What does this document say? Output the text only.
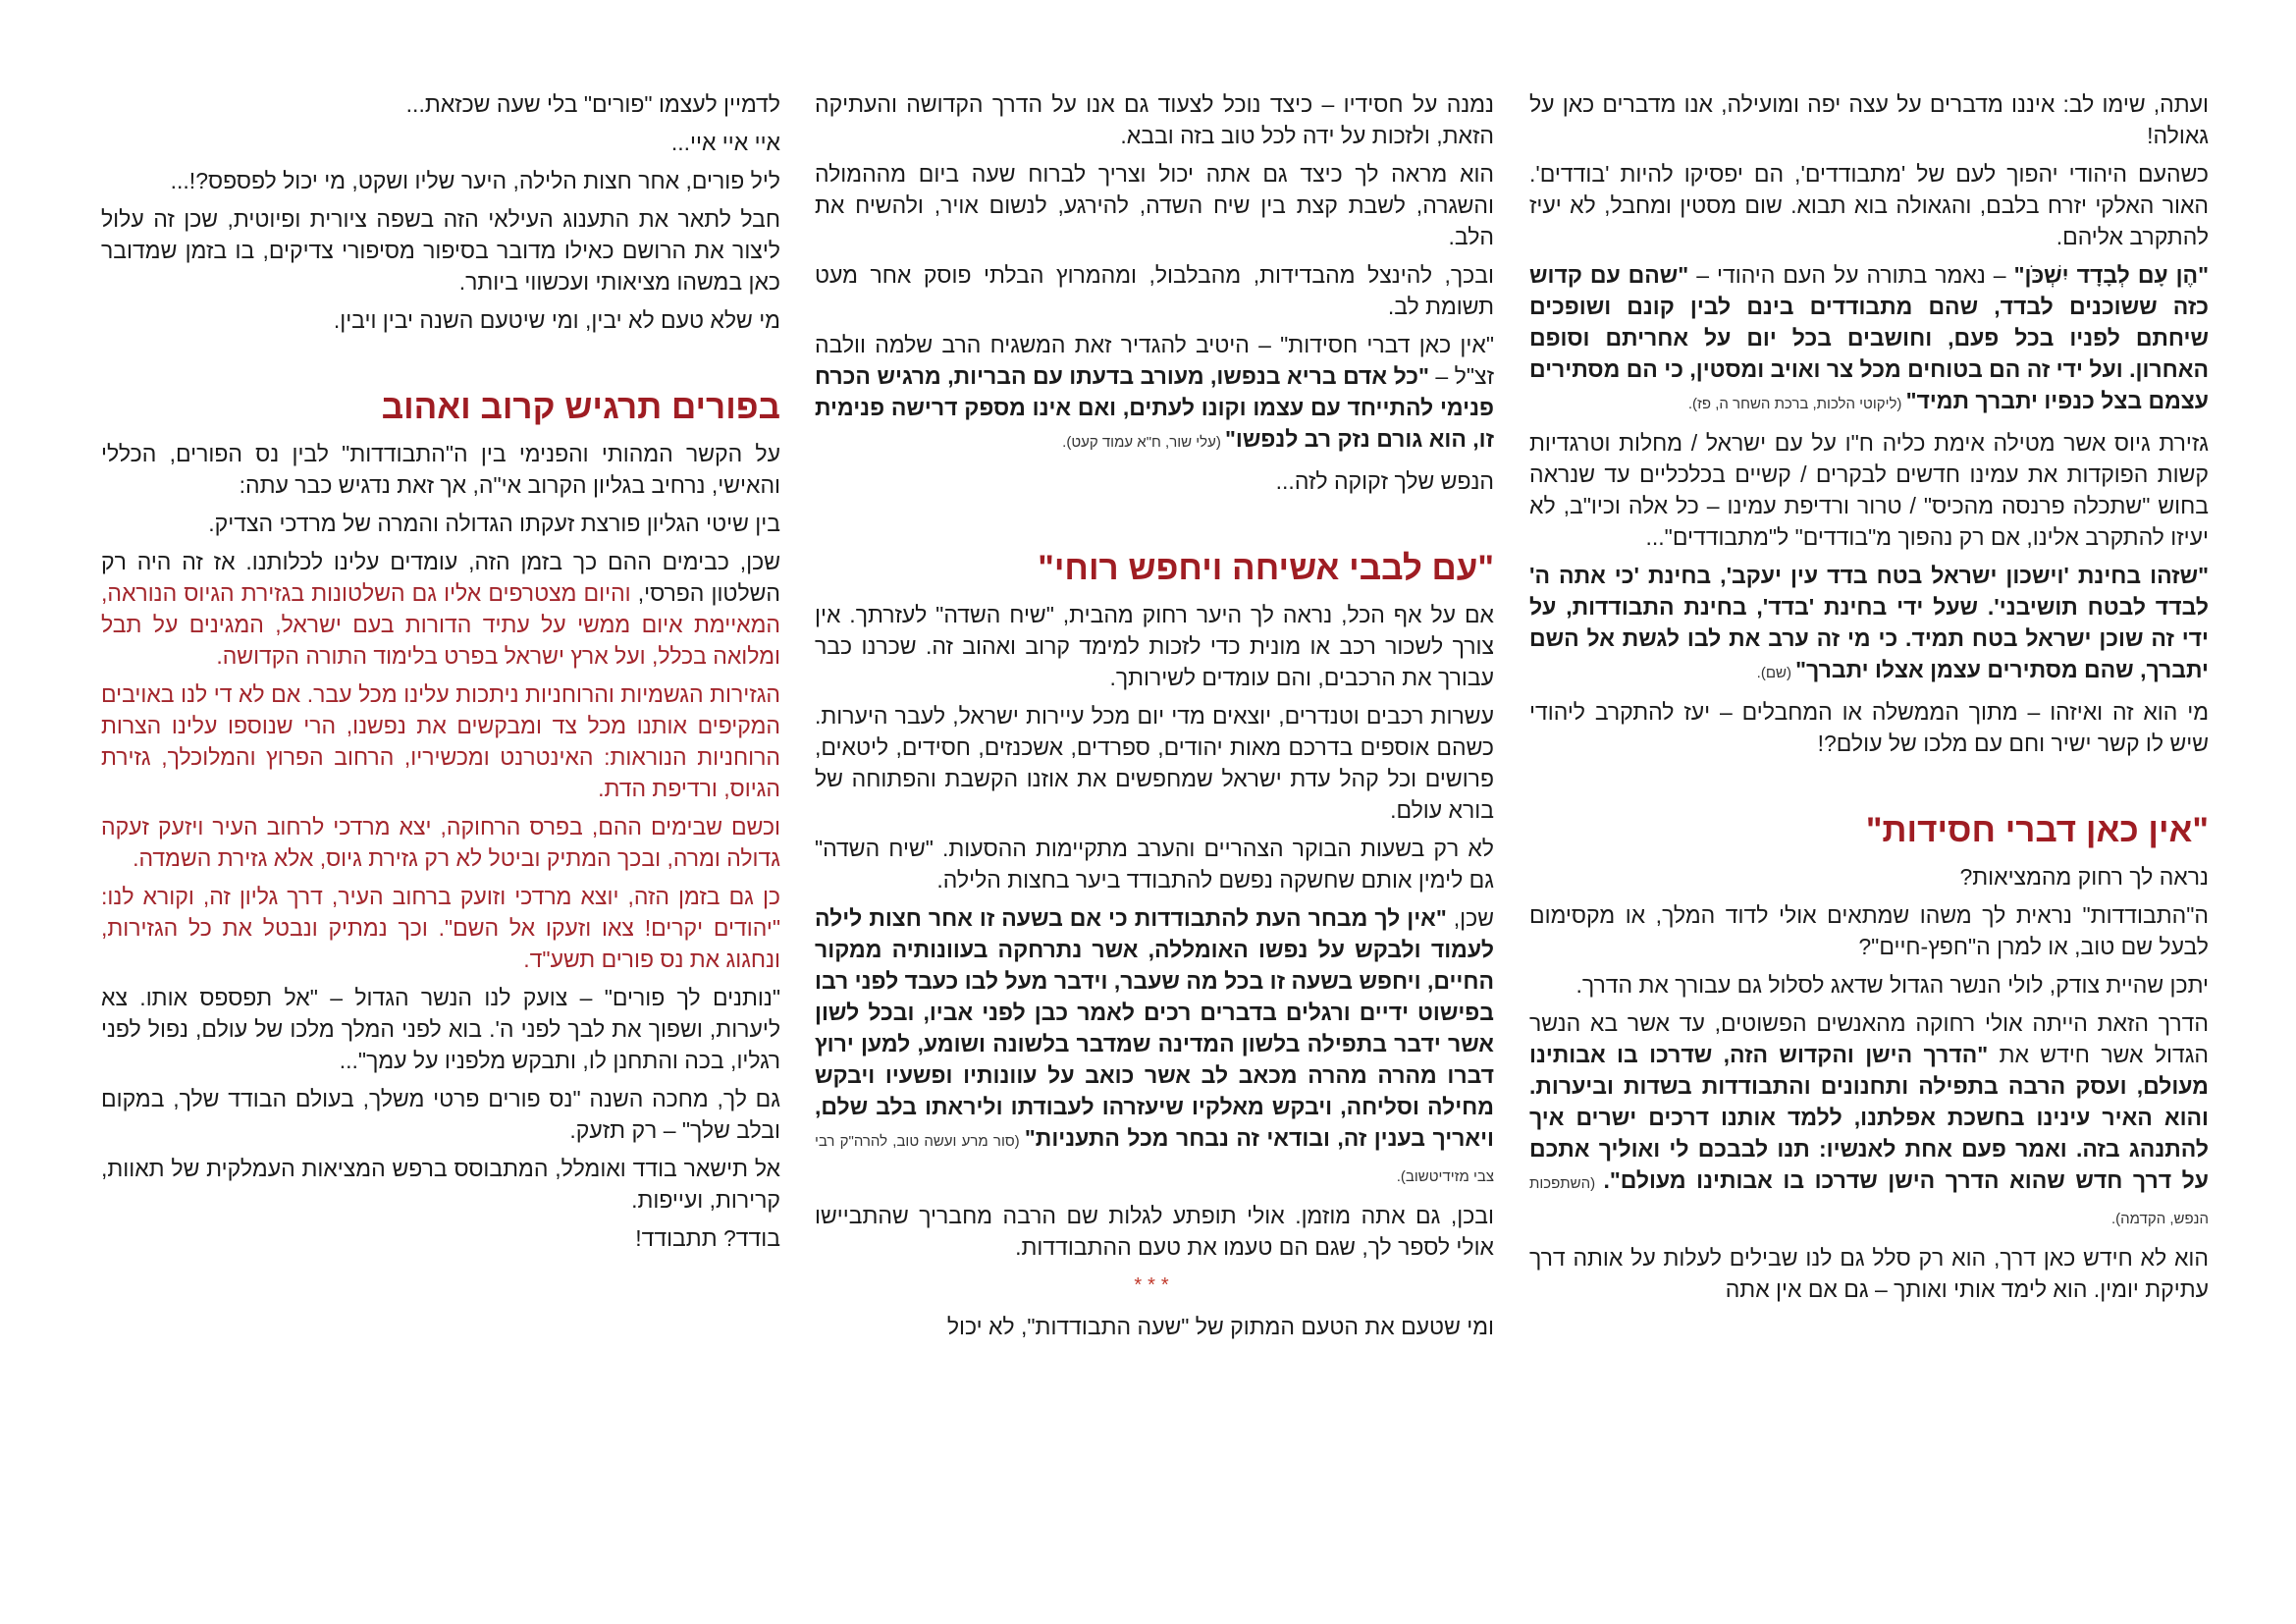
ועתה, שימו לב: איננו מדברים על עצה יפה ומועילה, אנו מדברים כאן על גאולה!

כשהעם היהודי יהפוך לעם של 'מתבודדים', הם יפסיקו להיות 'בודדים'. האור האלקי יזרח בלבם, והגאולה בוא תבוא. שום מסטין ומחבל, לא יעיז להתקרב אליהם.

"הֶן עָם לְבָדָד יִשְׁכֹּן" – נאמר בתורה על העם היהודי – "שהם עם קדוש כזה ששוכנים לבדד, שהם מתבודדים בינם לבין קונם ושופכים שיחתם לפניו בכל פעם, וחושבים בכל יום על אחריתם וסופם האחרון. ועל ידי זה הם בטוחים מכל צר ואויב ומסטין, כי הם מסתירים עצמם בצל כנפיו יתברך תמיד" (ליקוטי הלכות, ברכת השחר ה, פז).

גזירת גיוס אשר מטילה אימת כליה ח"ו על עם ישראל / מחלות וטרגדיות קשות הפוקדות את עמינו חדשים לבקרים / קשיים בכלכליים עד שנראה בחוש "שתכלה פרנסה מהכיס" / טרור ורדיפת עמינו – כל אלה וכיו"ב, לא יעיזו להתקרב אלינו, אם רק נהפוך מ"בודדים" ל"מתבודדים"...

"שזהו בחינת 'וישכון ישראל בטח בדד עין יעקב', בחינת 'כי אתה ה' לבדד לבטח תושיבני'. שעל ידי בחינת 'בדד', בחינת התבודדות, על ידי זה שוכן ישראל בטח תמיד. כי מי זה ערב את לבו לגשת אל השם יתברך, שהם מסתירים עצמן אצלו יתברך" (שם).

מי הוא זה ואיזהו – מתוך הממשלה או המחבלים – יעז להתקרב ליהודי שיש לו קשר ישיר וחם עם מלכו של עולם?!

"אין כאן דברי חסידות"

נראה לך רחוק מהמציאות?

ה"התבודדות" נראית לך משהו שמתאים אולי לדוד המלך, או מקסימום לבעל שם טוב, או למרן ה"חפץ-חיים"?

יתכן שהיית צודק, לולי הנשר הגדול שדאג לסלול גם עבורך את הדרך.

הדרך הזאת הייתה אולי רחוקה מהאנשים הפשוטים, עד אשר בא הנשר הגדול אשר חידש את "הדרך הישן והקדוש הזה, שדרכו בו אבותינו מעולם, ועסק הרבה בתפילה ותחנונים והתבודדות בשדות וביערות. והוא האיר עינינו בחשכת אפלתנו, ללמד אותנו דרכים ישרים איך להתנהג בזה. ואמר פעם אחת לאנשיו: תנו לבבכם לי ואוליך אתכם על דרך חדש שהוא הדרך הישן שדרכו בו אבותינו מעולם". (השתפכות הנפש, הקדמה).

הוא לא חידש כאן דרך, הוא רק סלל גם לנו שבילים לעלות על אותה דרך עתיקת יומין. הוא לימד אותי ואותך – גם אם אין אתה

נמנה על חסידיו – כיצד נוכל לצעוד גם אנו על הדרך הקדושה והעתיקה הזאת, ולזכות על ידה לכל טוב בזה ובבא.

הוא מראה לך כיצד גם אתה יכול וצריך לברוח שעה ביום מההמולה והשגרה, לשבת קצת בין שיח השדה, להירגע, לנשום אויר, ולהשיח את הלב.

ובכך, להינצל מהבדידות, מהבלבול, ומהמרוץ הבלתי פוסק אחר מעט תשומת לב.

"אין כאן דברי חסידות" – היטיב להגדיר זאת המשגיח הרב שלמה וולבה זצ"ל – "כל אדם בריא בנפשו, מעורב בדעתו עם הבריות, מרגיש הכרח פנימי להתייחד עם עצמו וקונו לעתים, ואם אינו מספק דרישה פנימית זו, הוא גורם נזק רב לנפשו" (עלי שור, ח"א עמוד קעט).

הנפש שלך זקוקה לזה...

"עם לבבי אשיחה ויחפש רוחי"

אם על אף הכל, נראה לך היער רחוק מהבית, "שיח השדה" לעזרתך. אין צורך לשכור רכב או מונית כדי לזכות למימד קרוב ואהוב זה. שכרנו כבר עבורך את הרכבים, והם עומדים לשירותך.

עשרות רכבים וטנדרים, יוצאים מדי יום מכל עיירות ישראל, לעבר היערות. כשהם אוספים בדרכם מאות יהודים, ספרדים, אשכנזים, חסידים, ליטאים, פרושים וכל קהל עדת ישראל שמחפשים את אוזנו הקשבת והפתוחה של בורא עולם.

לא רק בשעות הבוקר הצהריים והערב מתקיימות ההסעות. "שיח השדה" גם לימין אותם שחשקה נפשם להתבודד ביער בחצות הלילה.

שכן, "אין לך מבחר העת להתבודדות כי אם בשעה זו אחר חצות לילה לעמוד ולבקש על נפשו האומללה, אשר נתרחקה בעוונותיה ממקור החיים, ויחפש בשעה זו בכל מה שעבר, וידבר מעל לבו כעבד לפני רבו בפישוט ידיים ורגלים בדברים רכים לאמר כבן לפני אביו, ובכל לשון אשר ידבר בתפילה בלשון המדינה שמדבר בלשונה ושומע, למען ירוץ דברו מהרה מהרה מכאב לב אשר כואב על עוונותיו ופשעיו ויבקש מחילה וסליחה, ויבקש מאלקיו שיעזרהו לעבודתו וליראתו בלב שלם, ויאריך בענין זה, ובודאי זה נבחר מכל התעניות" (סור מרע ועשה טוב, להרה"ק רבי צבי מזידיטשוב).

ובכן, גם אתה מוזמן. אולי תופתע לגלות שם הרבה מחבריך שהתביישו אולי לספר לך, שגם הם טעמו את טעם ההתבודדות.

***

ומי שטעם את הטעם המתוק של "שעה התבודדות", לא יכול

לדמיין לעצמו "פורים" בלי שעה שכזאת...

איי איי איי...

ליל פורים, אחר חצות הלילה, היער שליו ושקט, מי יכול לפספס?!...

חבל לתאר את התענוג העילאי הזה בשפה ציורית ופיוטית, שכן זה עלול ליצור את הרושם כאילו מדובר בסיפור מסיפורי צדיקים, בו בזמן שמדובר כאן במשהו מציאותי ועכשווי ביותר.

מי שלא טעם לא יבין, ומי שיטעם השנה יבין ויבין.

בפורים תרגיש קרוב ואהוב

על הקשר המהותי והפנימי בין ה"התבודדות" לבין נס הפורים, הכללי והאישי, נרחיב בגליון הקרוב אי"ה, אך זאת נדגיש כבר עתה:

בין שיטי הגליון פורצת זעקתו הגדולה והמרה של מרדכי הצדיק.

שכן, כבימים ההם כך בזמן הזה, עומדים עלינו לכלותנו. אז זה היה רק השלטון הפרסי, והיום מצטרפים אליו גם השלטונות בגזירת הגיוס הנוראה, המאיימת איום ממשי על עתיד הדורות בעם ישראל, המגינים על תבל ומלואה בכלל, ועל ארץ ישראל בפרט בלימוד התורה הקדושה.

הגזירות הגשמיות והרוחניות ניתכות עלינו מכל עבר. אם לא די לנו באויבים המקיפים אותנו מכל צד ומבקשים את נפשנו, הרי שנוספו עלינו הצרות הרוחניות הנוראות: האינטרנט ומכשיריו, הרחוב הפרוץ והמלוכלך, גזירת הגיוס, ורדיפת הדת.

וכשם שבימים ההם, בפרס הרחוקה, יצא מרדכי לרחוב העיר ויזעק זעקה גדולה ומרה, ובכך המתיק וביטל לא רק גזירת גיוס, אלא גזירת השמדה.

כן גם בזמן הזה, יוצא מרדכי וזועק ברחוב העיר, דרך גליון זה, וקורא לנו: "יהודים יקרים! צאו וזעקו אל השם". וכך נמתיק ונבטל את כל הגזירות, ונחגוג את נס פורים תשע"ד.

"נותנים לך פורים" – צועק לנו הנשר הגדול – "אל תפספס אותו. צא ליערות, ושפוך את לבך לפני ה'. בוא לפני המלך מלכו של עולם, נפול לפני רגליו, בכה והתחנן לו, ותבקש מלפניו על עמך"...

גם לך, מחכה השנה "נס פורים פרטי משלך, בעולם הבודד שלך, במקום ובלב שלך" – רק תזעק.

אל תישאר בודד ואומלל, המתבוסס ברפש המציאות העמלקית של תאוות, קרירות, ועייפות.

בודד? תתבודד!
